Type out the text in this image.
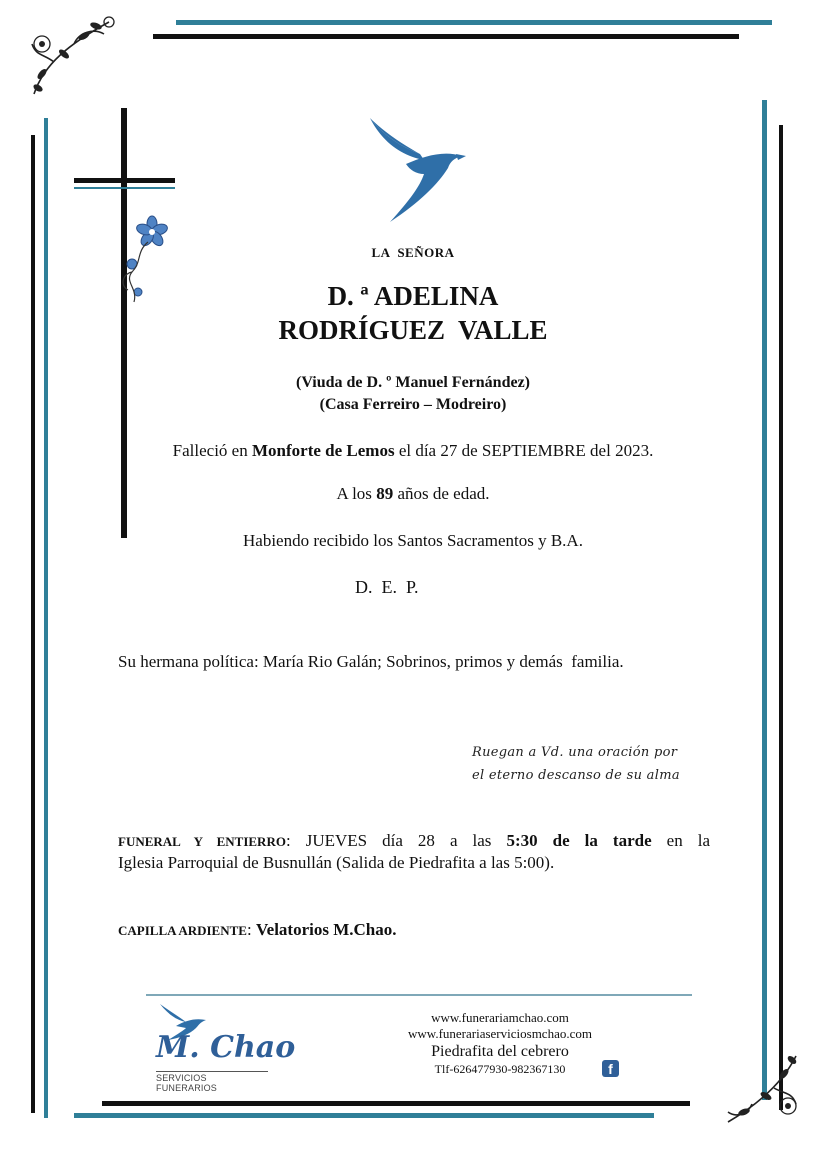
LA  SEÑORA
D. ª ADELINA
RODRÍGUEZ  VALLE
(Viuda de D. º Manuel Fernández)
(Casa Ferreiro – Modreiro)
Falleció en Monforte de Lemos el día 27 de SEPTIEMBRE del 2023.
A los 89 años de edad.
Habiendo recibido los Santos Sacramentos y B.A.
D.  E.  P.
Su hermana política: María Rio Galán; Sobrinos, primos y demás  familia.
Ruegan a Vd. una oración por
el eterno descanso de su alma
FUNERAL Y ENTIERRO: JUEVES día 28 a las 5:30 de la tarde en la
Iglesia Parroquial de Busnullán (Salida de Piedrafita a las 5:00).
CAPILLA ARDIENTE: Velatorios M.Chao.
M. Chao
SERVICIOS FUNERARIOS
www.funerariamchao.com
www.funerariaserviciosmchao.com
Piedrafita del cebrero
Tlf-626477930-982367130	f
